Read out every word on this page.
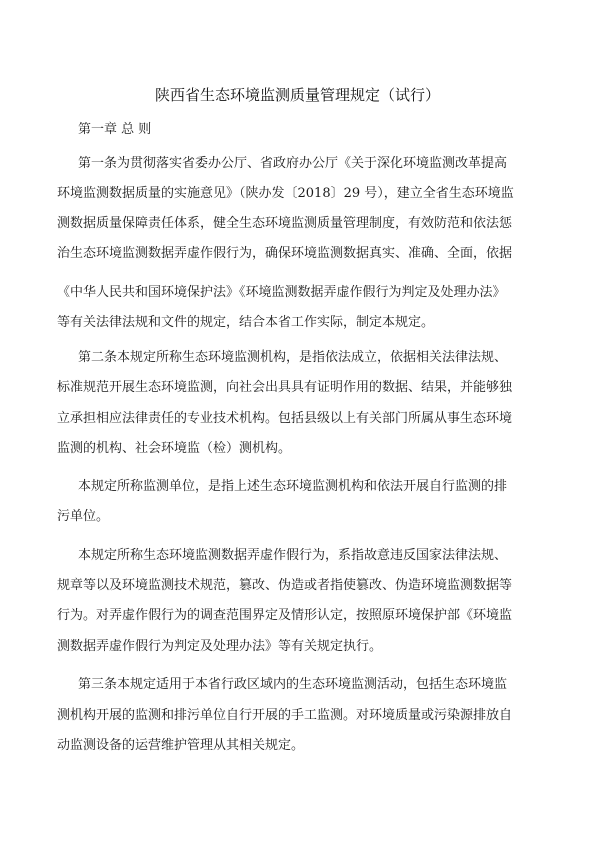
陕西省生态环境监测质量管理规定（试行）
第一章 总 则
第一条为贯彻落实省委办公厅、省政府办公厅《关于深化环境监测改革提高
环境监测数据质量的实施意见》（陕办发〔2018〕29 号），建立全省生态环境监
测数据质量保障责任体系，健全生态环境监测质量管理制度，有效防范和依法惩
治生态环境监测数据弄虚作假行为，确保环境监测数据真实、准确、全面，依据
《中华人民共和国环境保护法》《环境监测数据弄虚作假行为判定及处理办法》
等有关法律法规和文件的规定，结合本省工作实际，制定本规定。
第二条本规定所称生态环境监测机构，是指依法成立，依据相关法律法规、
标准规范开展生态环境监测，向社会出具具有证明作用的数据、结果，并能够独
立承担相应法律责任的专业技术机构。包括县级以上有关部门所属从事生态环境
监测的机构、社会环境监（检）测机构。
本规定所称监测单位，是指上述生态环境监测机构和依法开展自行监测的排
污单位。
本规定所称生态环境监测数据弄虚作假行为，系指故意违反国家法律法规、
规章等以及环境监测技术规范，篡改、伪造或者指使篡改、伪造环境监测数据等
行为。对弄虚作假行为的调查范围界定及情形认定，按照原环境保护部《环境监
测数据弄虚作假行为判定及处理办法》等有关规定执行。
第三条本规定适用于本省行政区域内的生态环境监测活动，包括生态环境监
测机构开展的监测和排污单位自行开展的手工监测。对环境质量或污染源排放自
动监测设备的运营维护管理从其相关规定。
